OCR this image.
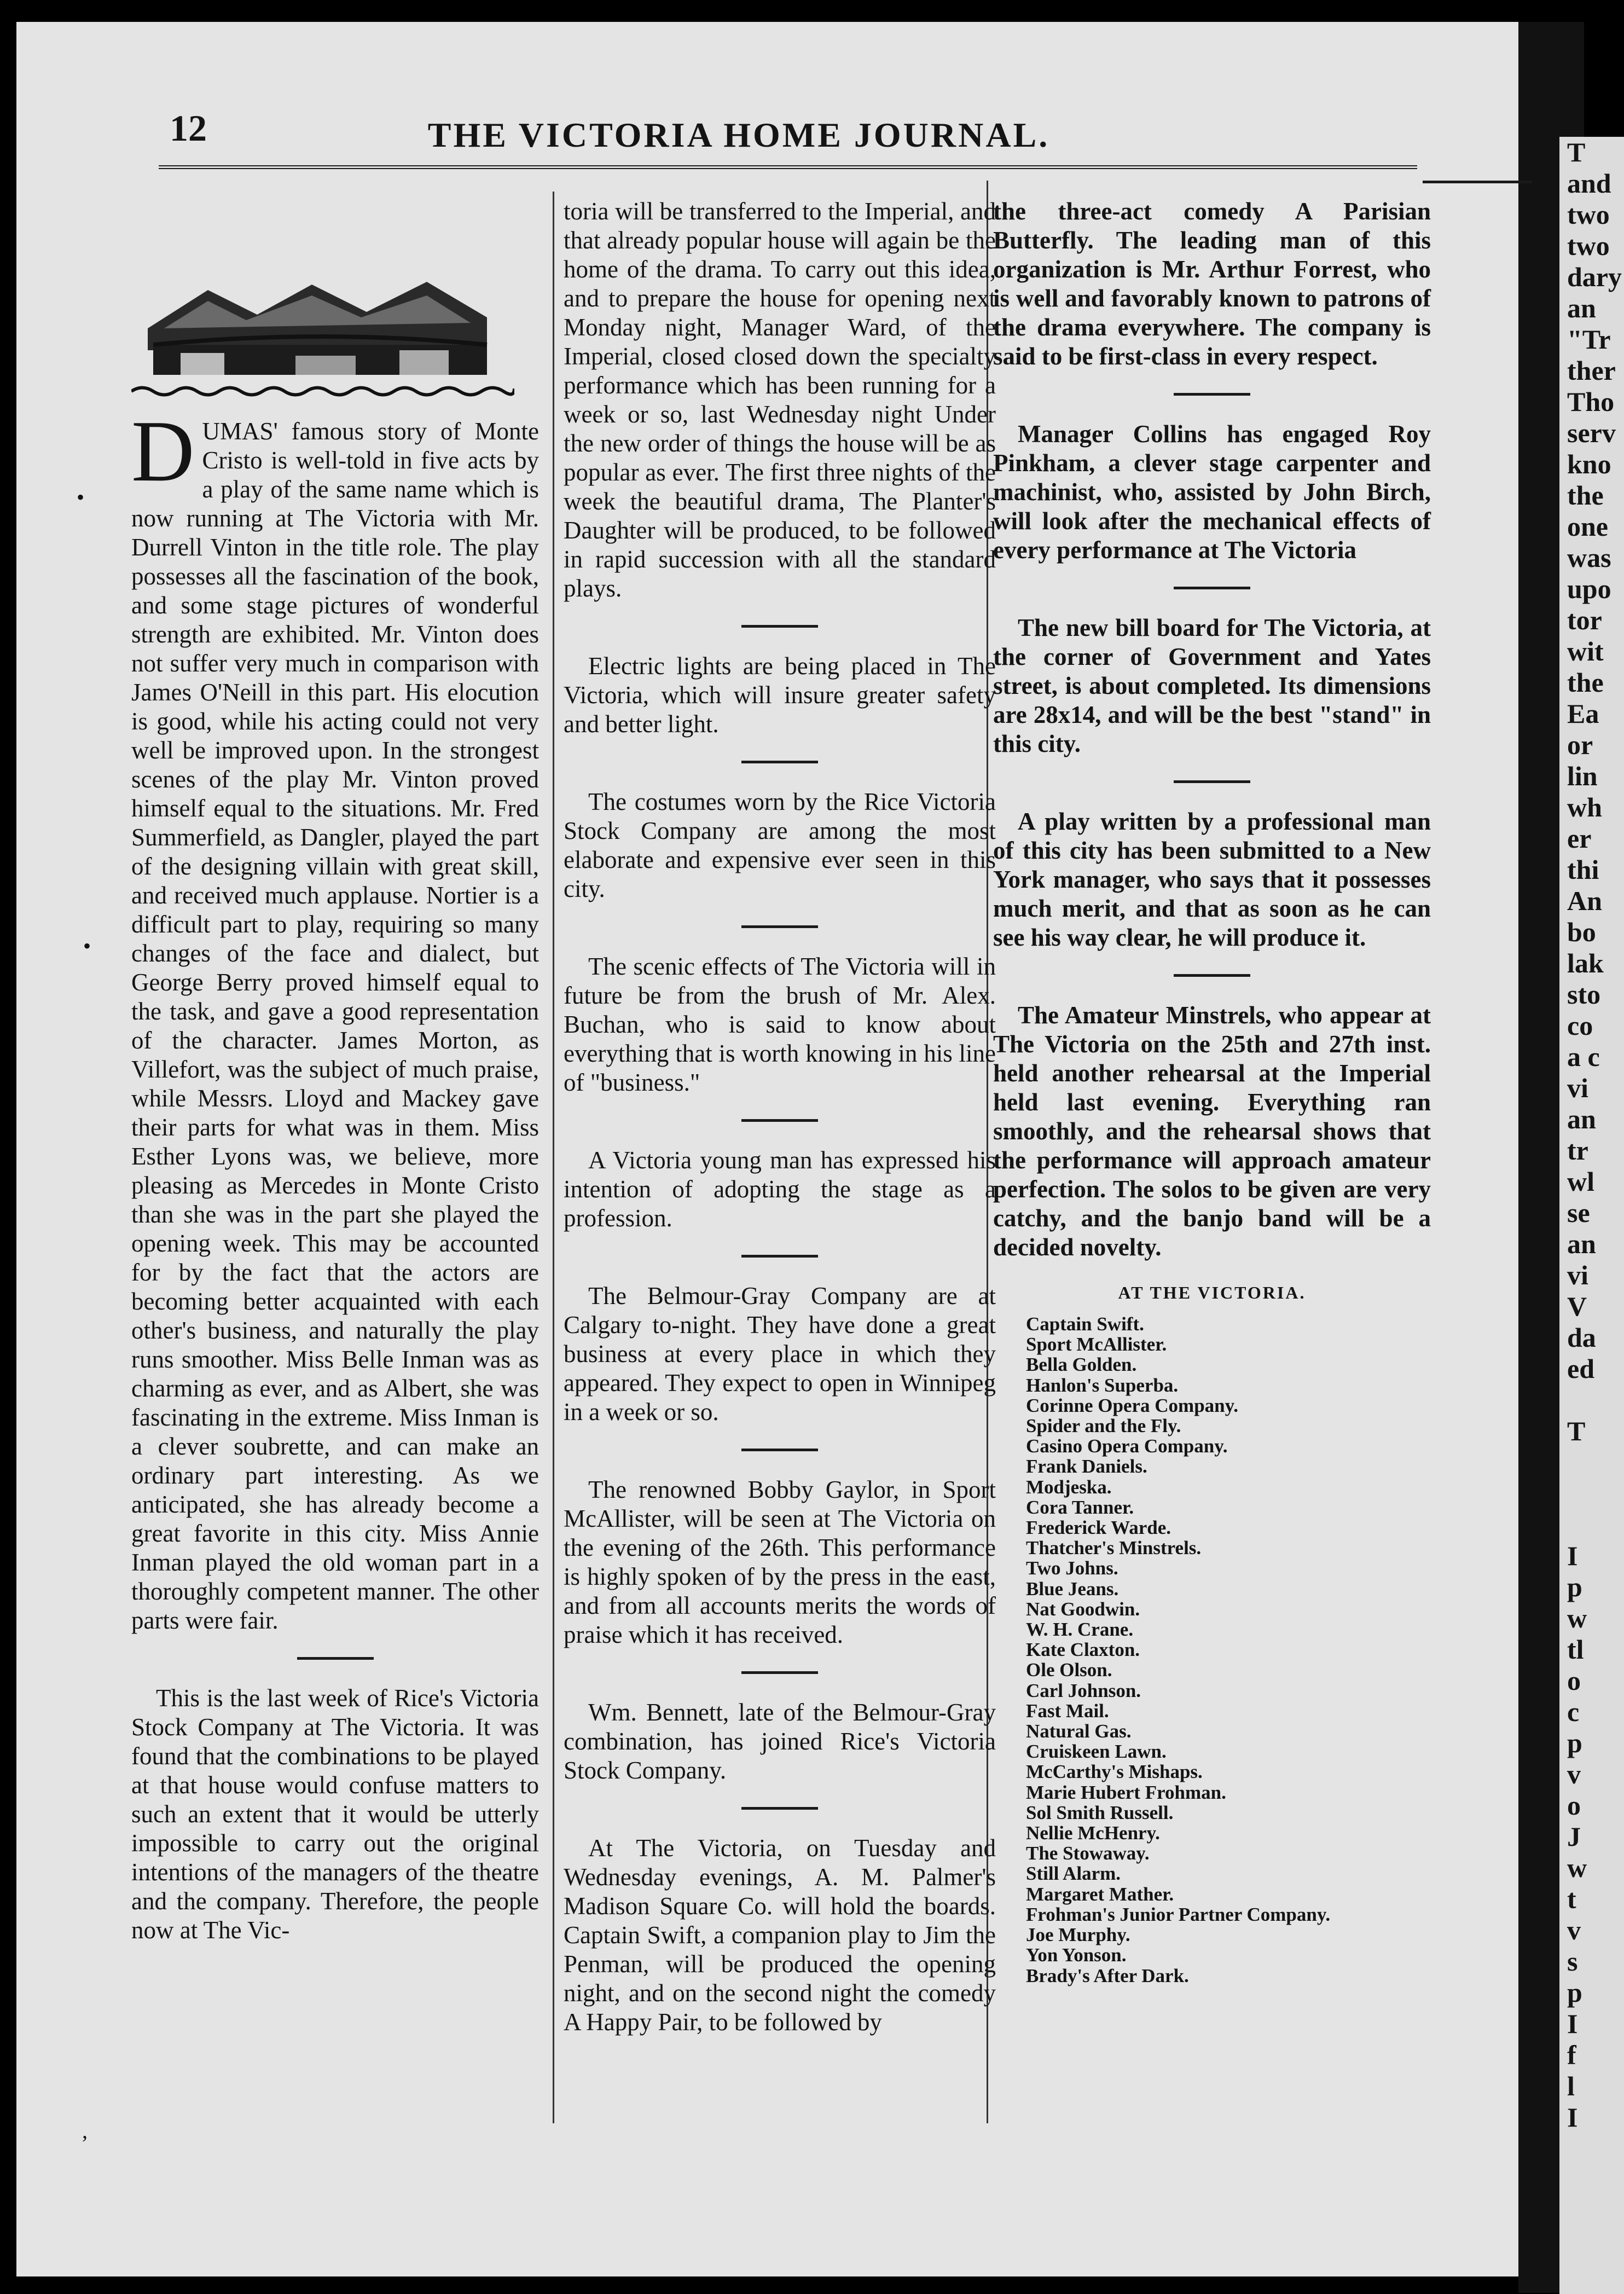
T
and
two
two
dary
an
"Tr
ther
Tho
serv
kno
the
one
was
upo
tor
wit
the
Ea
or
lin
wh
er
thi
An
bo
lak
sto
co
a c
vi
an
tr
wl
se
an
vi
V
da
ed

T

I
p
w
tl
o
c
p
v
o
J
w
t
v
s
p
I
f
l
I
12	THE VICTORIA HOME JOURNAL.

DUMAS' famous story of Monte Cristo is well-told in five acts by a play of the same name which is now running at The Victoria with Mr. Durrell Vinton in the title role. The play possesses all the fascination of the book, and some stage pictures of wonderful strength are exhibited. Mr. Vinton does not suffer very much in comparison with James O'Neill in this part. His elocution is good, while his acting could not very well be improved upon. In the strongest scenes of the play Mr. Vinton proved himself equal to the situations. Mr. Fred Summerfield, as Dangler, played the part of the designing villain with great skill, and received much applause. Nortier is a difficult part to play, requiring so many changes of the face and dialect, but George Berry proved himself equal to the task, and gave a good representation of the character. James Morton, as Villefort, was the subject of much praise, while Messrs. Lloyd and Mackey gave their parts for what was in them. Miss Esther Lyons was, we believe, more pleasing as Mercedes in Monte Cristo than she was in the part she played the opening week. This may be accounted for by the fact that the actors are becoming better acquainted with each other's business, and naturally the play runs smoother. Miss Belle Inman was as charming as ever, and as Albert, she was fascinating in the extreme. Miss Inman is a clever soubrette, and can make an ordinary part interesting. As we anticipated, she has already become a great favorite in this city. Miss Annie Inman played the old woman part in a thoroughly competent manner. The other parts were fair.

This is the last week of Rice's Victoria Stock Company at The Victoria. It was found that the combinations to be played at that house would confuse matters to such an extent that it would be utterly impossible to carry out the original intentions of the managers of the theatre and the company. Therefore, the people now at The Vic-

toria will be transferred to the Imperial, and that already popular house will again be the home of the drama. To carry out this idea, and to prepare the house for opening next Monday night, Manager Ward, of the Imperial, closed closed down the specialty performance which has been running for a week or so, last Wednesday night Under the new order of things the house will be as popular as ever. The first three nights of the week the beautiful drama, The Planter's Daughter will be produced, to be followed in rapid succession with all the standard plays.

Electric lights are being placed in The Victoria, which will insure greater safety and better light.

The costumes worn by the Rice Victoria Stock Company are among the most elaborate and expensive ever seen in this city.

The scenic effects of The Victoria will in future be from the brush of Mr. Alex. Buchan, who is said to know about everything that is worth knowing in his line of "business."

A Victoria young man has expressed his intention of adopting the stage as a profession.

The Belmour-Gray Company are at Calgary to-night. They have done a great business at every place in which they appeared. They expect to open in Winnipeg in a week or so.

The renowned Bobby Gaylor, in Sport McAllister, will be seen at The Victoria on the evening of the 26th. This performance is highly spoken of by the press in the east, and from all accounts merits the words of praise which it has received.

Wm. Bennett, late of the Belmour-Gray combination, has joined Rice's Victoria Stock Company.

At The Victoria, on Tuesday and Wednesday evenings, A. M. Palmer's Madison Square Co. will hold the boards. Captain Swift, a companion play to Jim the Penman, will be produced the opening night, and on the second night the comedy A Happy Pair, to be followed by

the three-act comedy A Parisian Butterfly. The leading man of this organization is Mr. Arthur Forrest, who is well and favorably known to patrons of the drama everywhere. The company is said to be first-class in every respect.

Manager Collins has engaged Roy Pinkham, a clever stage carpenter and machinist, who, assisted by John Birch, will look after the mechanical effects of every performance at The Victoria

The new bill board for The Victoria, at the corner of Government and Yates street, is about completed. Its dimensions are 28x14, and will be the best "stand" in this city.

A play written by a professional man of this city has been submitted to a New York manager, who says that it possesses much merit, and that as soon as he can see his way clear, he will produce it.

The Amateur Minstrels, who appear at The Victoria on the 25th and 27th inst. held another rehearsal at the Imperial held last evening. Everything ran smoothly, and the rehearsal shows that the performance will approach amateur perfection. The solos to be given are very catchy, and the banjo band will be a decided novelty.

AT THE VICTORIA.
Captain Swift.
Sport McAllister.
Bella Golden.
Hanlon's Superba.
Corinne Opera Company.
Spider and the Fly.
Casino Opera Company.
Frank Daniels.
Modjeska.
Cora Tanner.
Frederick Warde.
Thatcher's Minstrels.
Two Johns.
Blue Jeans.
Nat Goodwin.
W. H. Crane.
Kate Claxton.
Ole Olson.
Carl Johnson.
Fast Mail.
Natural Gas.
Cruiskeen Lawn.
McCarthy's Mishaps.
Marie Hubert Frohman.
Sol Smith Russell.
Nellie McHenry.
The Stowaway.
Still Alarm.
Margaret Mather.
Frohman's Junior Partner Company.
Joe Murphy.
Yon Yonson.
Brady's After Dark.
•
•
,
